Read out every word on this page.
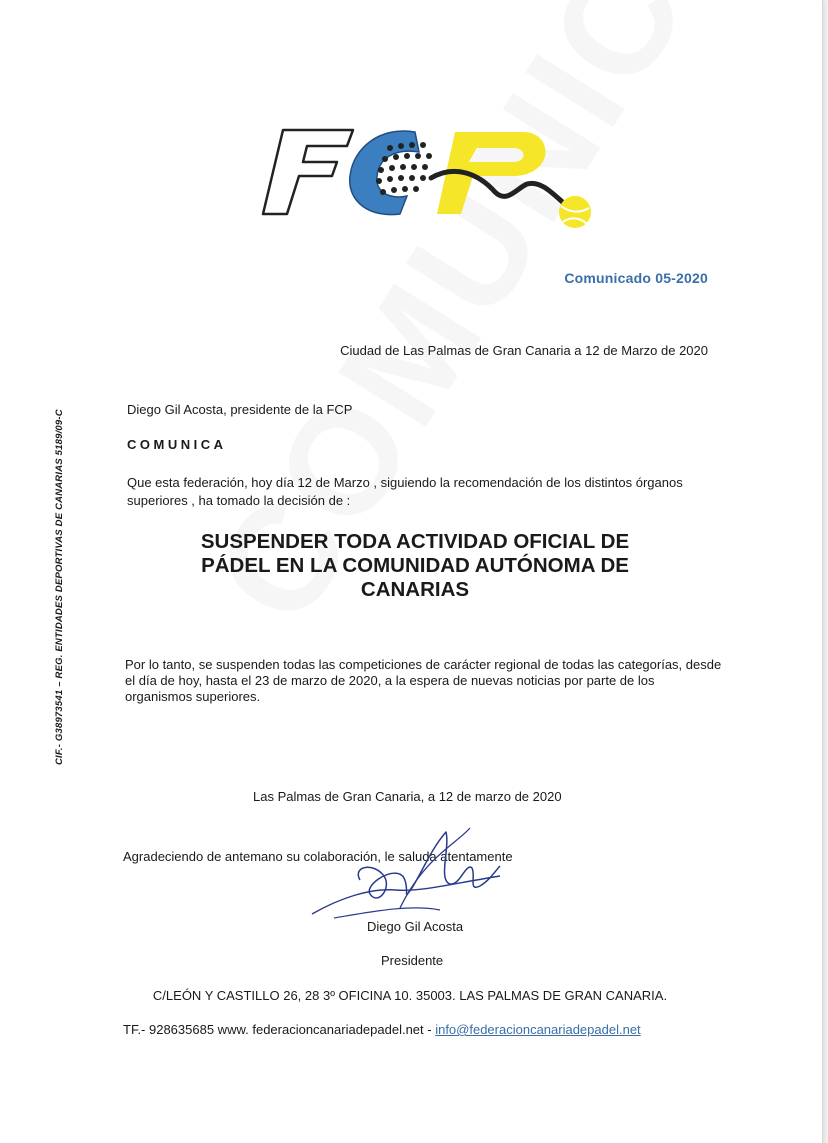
Comunicado 05-2020
Ciudad de Las Palmas de Gran Canaria a 12 de Marzo de 2020
Diego Gil Acosta, presidente de la FCP
COMUNICA
Que esta federación, hoy día 12 de Marzo , siguiendo la recomendación de los distintos órganos superiores , ha tomado la decisión de :
SUSPENDER TODA ACTIVIDAD OFICIAL DE
PÁDEL EN LA COMUNIDAD AUTÓNOMA DE
CANARIAS
Por lo tanto, se suspenden todas las competiciones de carácter regional de todas las categorías, desde el día de hoy, hasta el 23 de marzo de 2020, a la espera de nuevas noticias por parte de los organismos superiores.
Las Palmas de Gran Canaria, a 12 de marzo de 2020
Agradeciendo de antemano su colaboración, le saluda atentamente
Diego Gil Acosta
Presidente
C/LEÓN Y CASTILLO 26, 28 3º OFICINA 10. 35003. LAS PALMAS DE GRAN CANARIA.
TF.- 928635685 www. federacioncanariadepadel.net - info@federacioncanariadepadel.net
CIF.- G38973541 – REG. ENTIDADES DEPORTIVAS DE CANARIAS 5189/09-C
